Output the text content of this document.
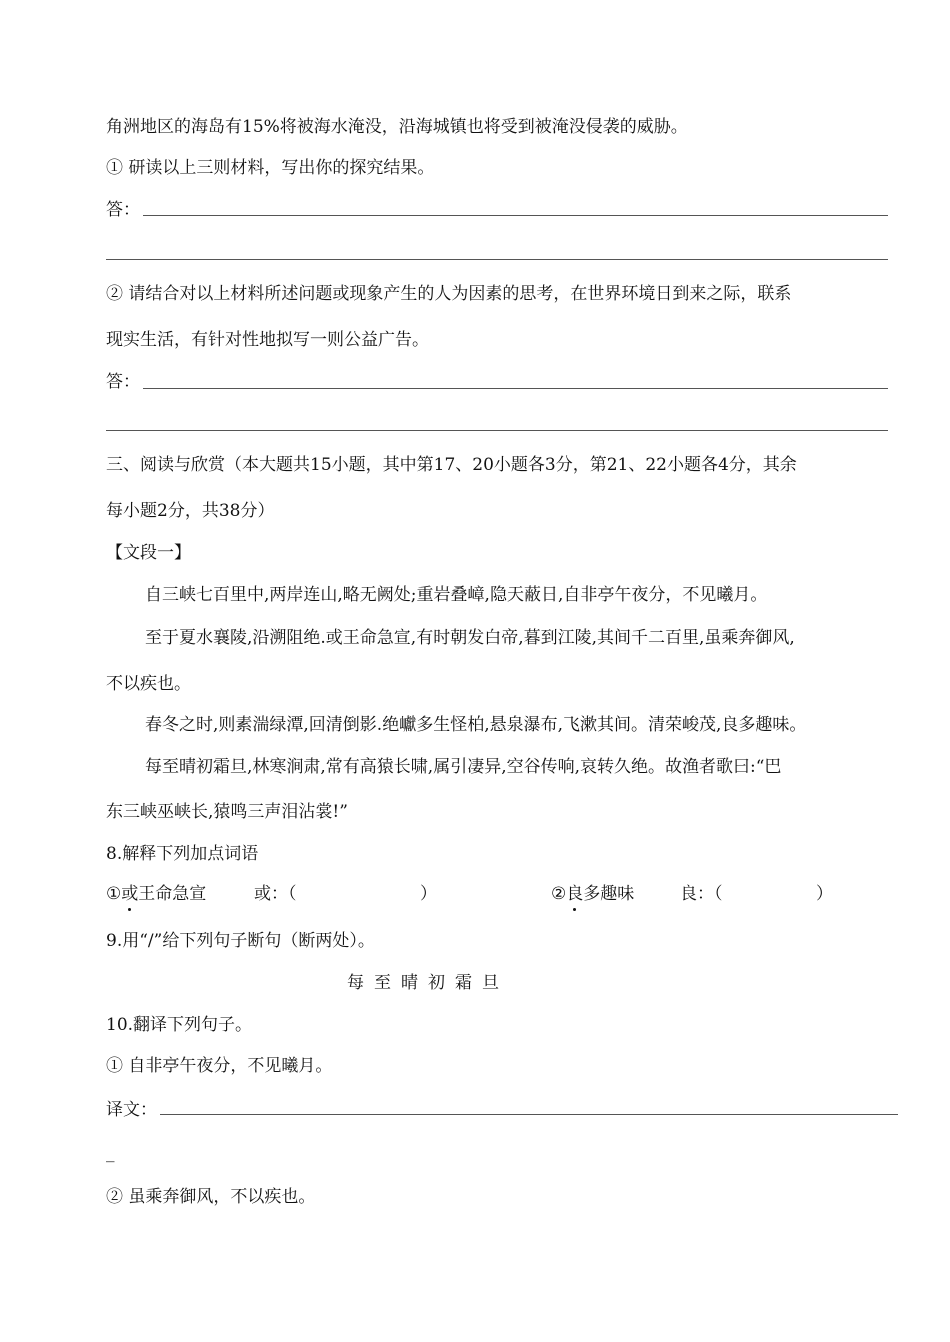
角洲地区的海岛有15%将被海水淹没，沿海城镇也将受到被淹没侵袭的威胁。
① 研读以上三则材料，写出你的探究结果。
答：
② 请结合对以上材料所述问题或现象产生的人为因素的思考，在世界环境日到来之际，联系
现实生活，有针对性地拟写一则公益广告。
答：
三、阅读与欣赏（本大题共15小题，其中第17、20小题各3分，第21、22小题各4分，其余
每小题2分，共38分）
【文段一】
自三峡七百里中,两岸连山,略无阙处;重岩叠嶂,隐天蔽日,自非亭午夜分，不见曦月。
至于夏水襄陵,沿溯阻绝.或王命急宣,有时朝发白帝,暮到江陵,其间千二百里,虽乘奔御风,
不以疾也。
春冬之时,则素湍绿潭,回清倒影.绝巘多生怪柏,悬泉瀑布,飞漱其间。清荣峻茂,良多趣味。
每至晴初霜旦,林寒涧肃,常有高猿长啸,属引凄异,空谷传响,哀转久绝。故渔者歌曰:“巴
东三峡巫峡长,猿鸣三声泪沾裳!”
8.解释下列加点词语
①或王命急宣	或：（	）	②良多趣味	良：（	）
9.用“/”给下列句子断句（断两处）。
每至晴初霜旦
10.翻译下列句子。
① 自非亭午夜分，不见曦月。
译文：
_
② 虽乘奔御风，不以疾也。
